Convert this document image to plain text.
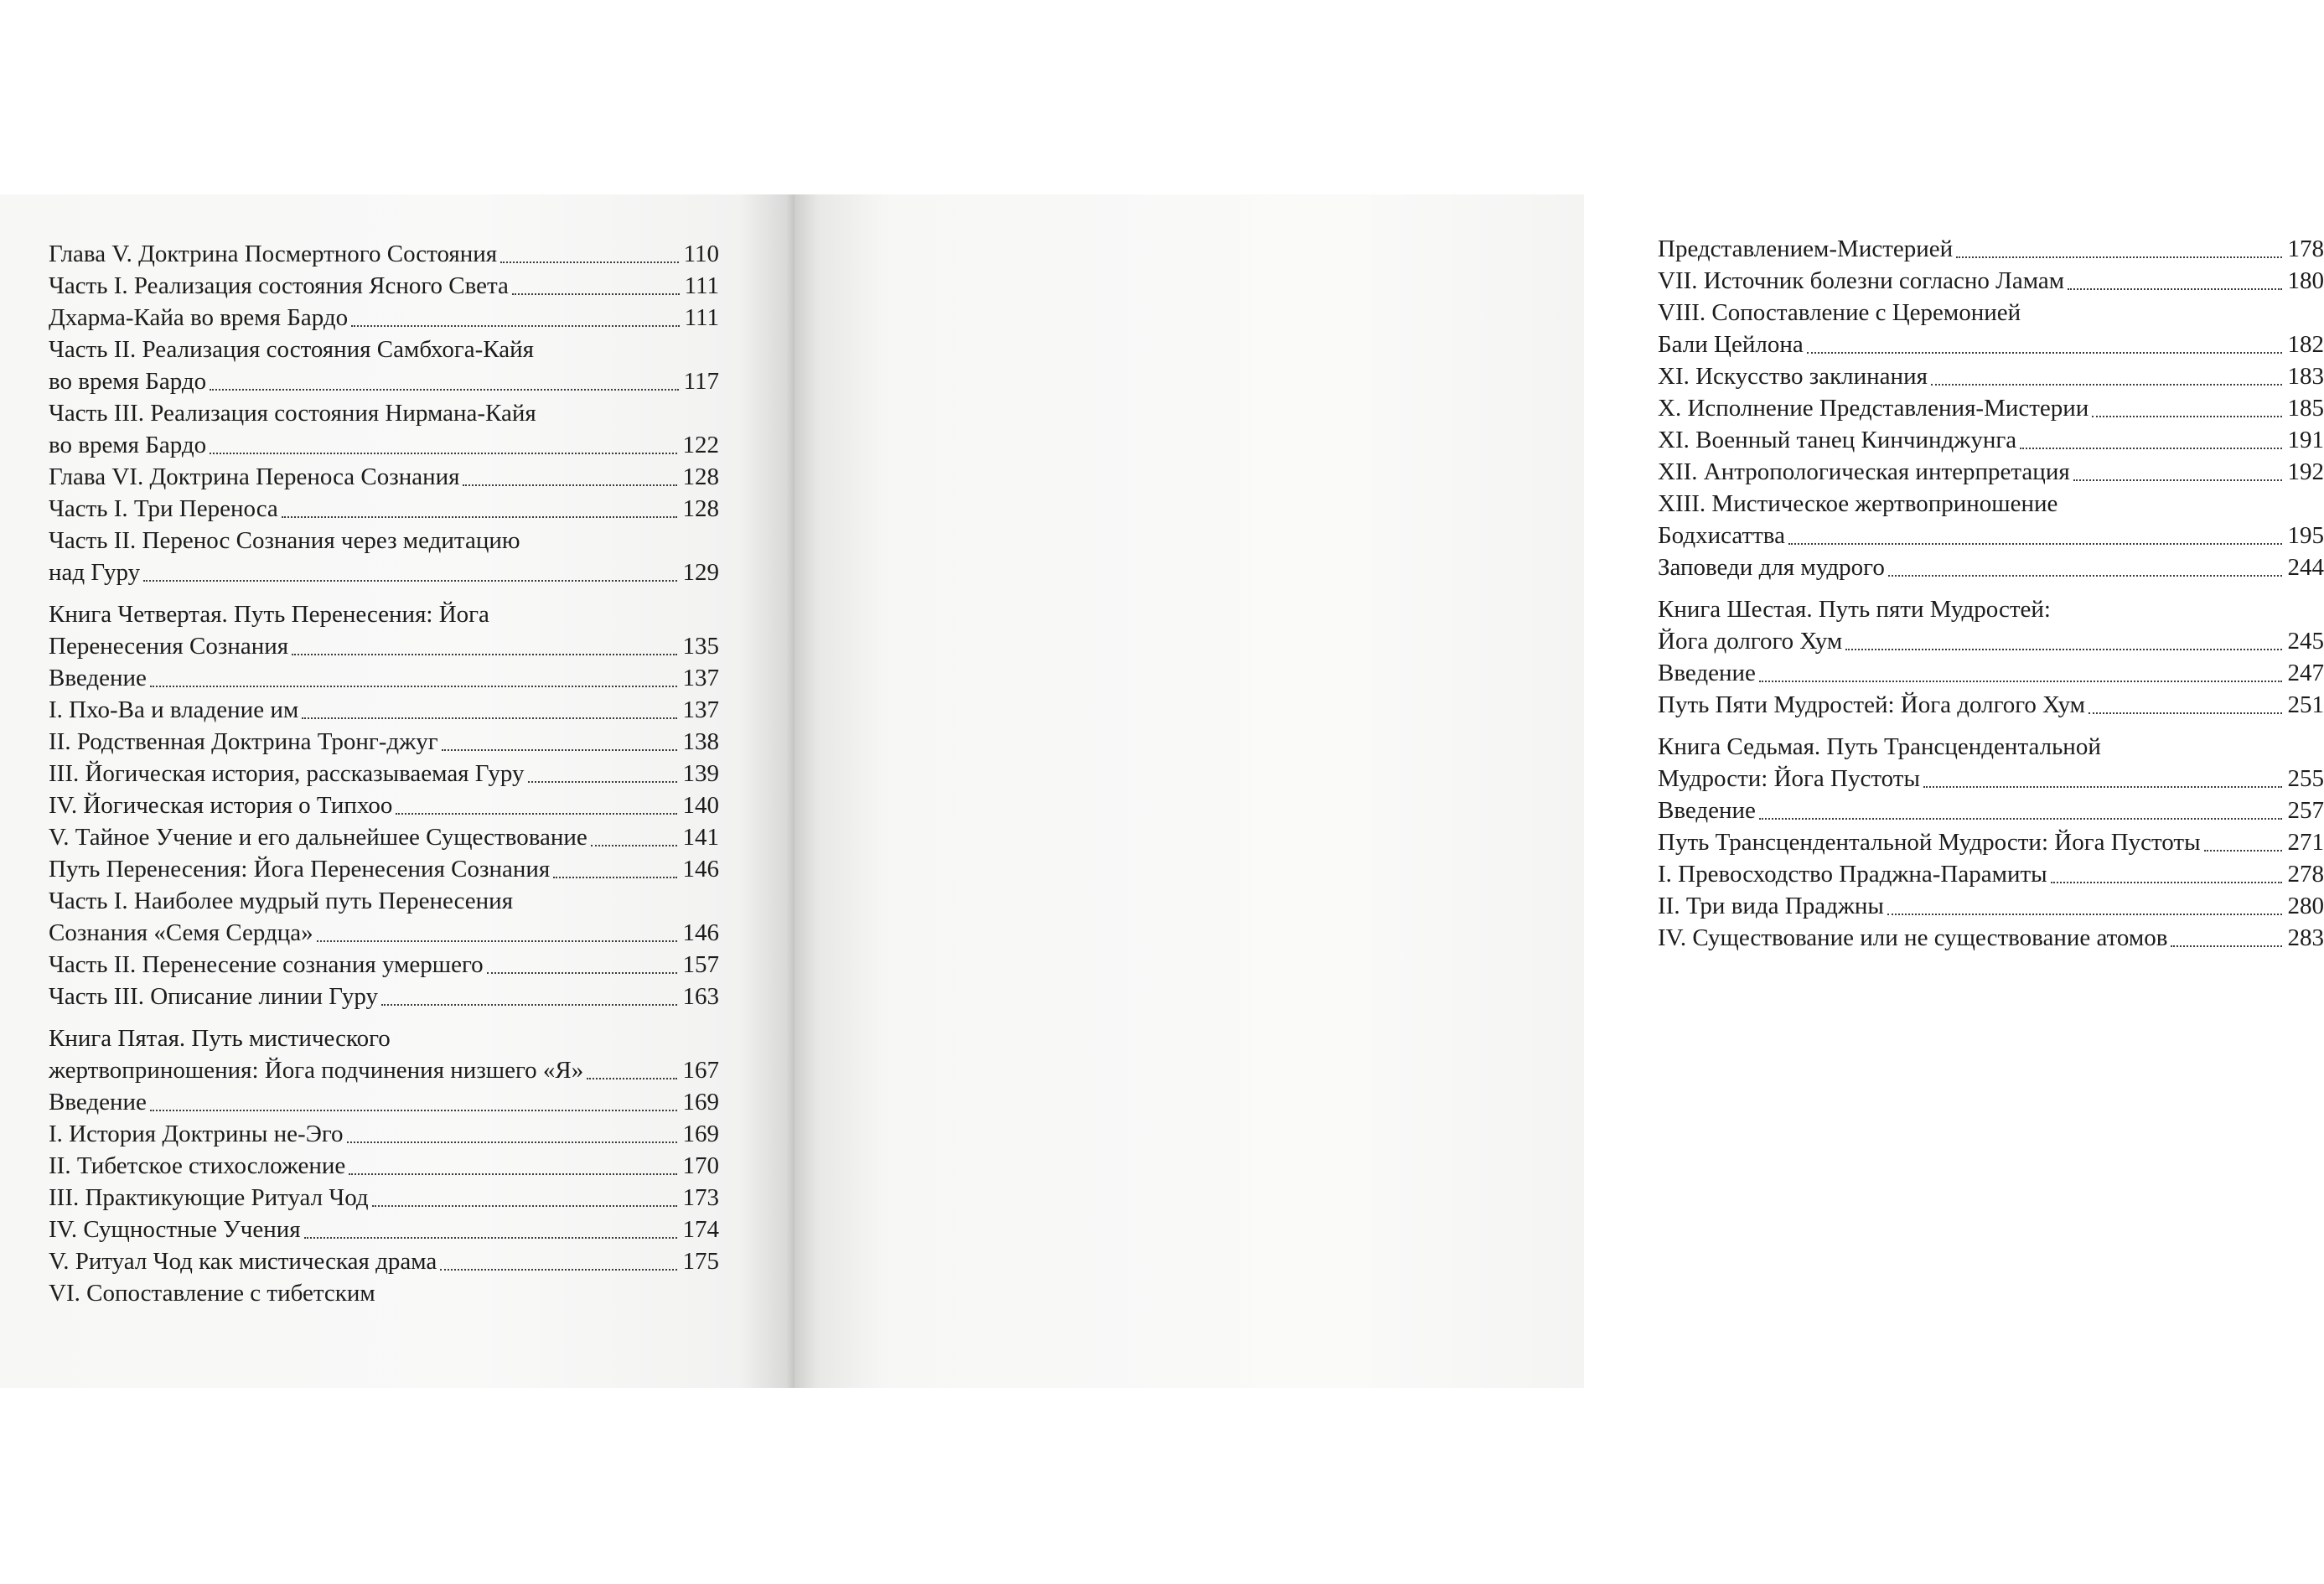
Глава V. Доктрина Посмертного Состояния	110
Часть I. Реализация состояния Ясного Света	111
Дхарма-Кайа во время Бардо	111
Часть II. Реализация состояния Самбхога-Кайя
во время Бардо	117
Часть III. Реализация состояния Нирмана-Кайя
во время Бардо	122
Глава VI. Доктрина Переноса Сознания	128
Часть I. Три Переноса	128
Часть II. Перенос Сознания через медитацию
над Гуру	129
Книга Четвертая. Путь Перенесения: Йога
Перенесения Сознания	135
Введение	137
I. Пхо-Ва и владение им	137
II. Родственная Доктрина Тронг-джуг	138
III. Йогическая история, рассказываемая Гуру	139
IV. Йогическая история о Типхоо	140
V. Тайное Учение и его дальнейшее Существование	141
Путь Перенесения: Йога Перенесения Сознания	146
Часть I. Наиболее мудрый путь Перенесения
Сознания «Семя Сердца»	146
Часть II. Перенесение сознания умершего	157
Часть III. Описание линии Гуру	163
Книга Пятая. Путь мистического
жертвоприношения: Йога подчинения низшего «Я»	167
Введение	169
I. История Доктрины не-Эго	169
II. Тибетское стихосложение	170
III. Практикующие Ритуал Чод	173
IV. Сущностные Учения	174
V. Ритуал Чод как мистическая драма	175
VI. Сопоставление с тибетским
Представлением-Мистерией	178
VII. Источник болезни согласно Ламам	180
VIII. Сопоставление с Церемонией
Бали Цейлона	182
XI. Искусство заклинания	183
X. Исполнение Представления-Мистерии	185
XI. Военный танец Кинчинджунга	191
XII. Антропологическая интерпретация	192
XIII. Мистическое жертвоприношение
Бодхисаттва	195
Заповеди для мудрого	244
Книга Шестая. Путь пяти Мудростей:
Йога долгого Хум	245
Введение	247
Путь Пяти Мудростей: Йога долгого Хум	251
Книга Седьмая. Путь Трансцендентальной
Мудрости: Йога Пустоты	255
Введение	257
Путь Трансцендентальной Мудрости: Йога Пустоты	271
I. Превосходство Праджна-Парамиты	278
II. Три вида Праджны	280
IV. Существование или не существование атомов	283
